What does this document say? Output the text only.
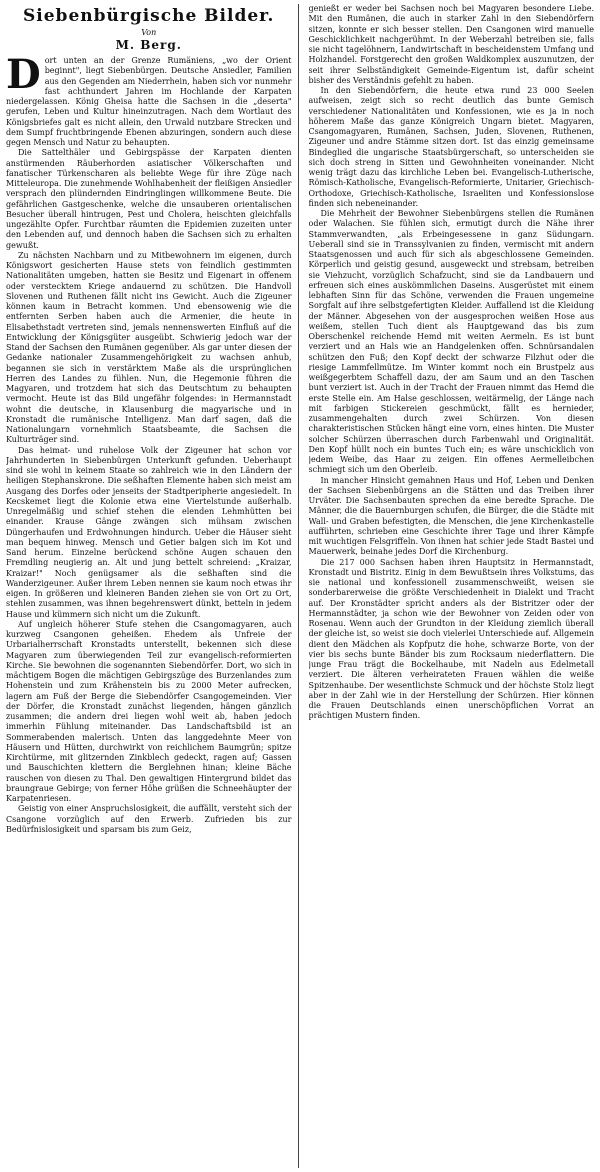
Siebenbürgische Bilder.
Von
M. Berg.

Dort unten an der Grenze Rumäniens, „wo der Orient beginnt", liegt Siebenbürgen. Deutsche Ansiedler, Familien aus den Gegenden am Niederrhein, haben sich vor nunmehr fast achthundert Jahren im Hochlande der Karpaten niedergelassen. König Gheisa hatte die Sachsen in die „deserta" gerufen, Leben und Kultur hineinzutragen. Nach dem Wortlaut des Königsbriefes galt es nicht allein, den Urwald nutzbare Strecken und dem Sumpf fruchtbringende Ebenen abzuringen, sondern auch diese gegen Mensch und Natur zu behaupten.

Die Sattelthäler und Gebirgspässe der Karpaten dienten anstürmenden Räuberhorden asiatischer Völkerschaften und fanatischer Türkenscharen als beliebte Wege für ihre Züge nach Mitteleuropa. Die zunehmende Wohlhabenheit der fleißigen Ansiedler versprach den plündernden Eindringlingen willkommene Beute. Die gefährlichen Gastgeschenke, welche die unsauberen orientalischen Besucher überall hintrugen, Pest und Cholera, heischten gleichfalls ungezählte Opfer. Furchtbar räumten die Epidemien zuzeiten unter den Lebenden auf, und dennoch haben die Sachsen sich zu erhalten gewußt.

Zu nächsten Nachbarn und zu Mitbewohnern im eigenen, durch Königswort gesicherten Hause stets von feindlich gestimmten Nationalitäten umgeben, hatten sie Besitz und Eigenart in offenem oder verstecktem Kriege andauernd zu schützen. Die Handvoll Slovenen und Ruthenen fällt nicht ins Gewicht. Auch die Zigeuner können kaum in Betracht kommen. Und ebensowenig wie die entfernten Serben haben auch die Armenier, die heute in Elisabethstadt vertreten sind, jemals nennenswerten Einfluß auf die Entwicklung der Königsgüter ausgeübt. Schwierig jedoch war der Stand der Sachsen den Rumänen gegenüber. Als gar unter diesen der Gedanke nationaler Zusammengehörigkeit zu wachsen anhub, begannen sie sich in verstärktem Maße als die ursprünglichen Herren des Landes zu fühlen. Nun, die Hegemonie führen die Magyaren, und trotzdem hat sich das Deutschtum zu behaupten vermocht. Heute ist das Bild ungefähr folgendes: in Hermannstadt wohnt die deutsche, in Klausenburg die magyarische und in Kronstadt die rumänische Intelligenz. Man darf sagen, daß die Nationalungarn vornehmlich Staatsbeamte, die Sachsen die Kulturträger sind.

Das heimat- und ruhelose Volk der Zigeuner hat schon vor Jahrhunderten in Siebenbürgen Unterkunft gefunden. Ueberhaupt sind sie wohl in keinem Staate so zahlreich wie in den Ländern der heiligen Stephanskrone. Die seßhaften Elemente haben sich meist am Ausgang des Dorfes oder jenseits der Stadtperipherie angesiedelt. In Kecskemet liegt die Kolonie etwa eine Viertelstunde außerhalb. Unregelmäßig und schief stehen die elenden Lehmhütten bei einander. Krause Gänge zwängen sich mühsam zwischen Düngerhaufen und Erdwohnungen hindurch. Ueber die Häuser sieht man bequem hinweg. Mensch und Getier balgen sich im Kot und Sand herum. Einzelne berückend schöne Augen schauen den Fremdling neugierig an. Alt und jung bettelt schreiend: „Kraizar, Kraizar!" Noch genügsamer als die seßhaften sind die Wanderzigeuner. Außer ihrem Leben nennen sie kaum noch etwas ihr eigen. In größeren und kleineren Banden ziehen sie von Ort zu Ort, stehlen zusammen, was ihnen begehrenswert dünkt, betteln in jedem Hause und kümmern sich nicht um die Zukunft.

Auf ungleich höherer Stufe stehen die Csangomagyaren, auch kurzweg Csangonen geheißen. Ehedem als Unfreie der Urbarialherrschaft Kronstadts unterstellt, bekennen sich diese Magyaren zum überwiegenden Teil zur evangelisch-reformierten Kirche. Sie bewohnen die sogenannten Siebendörfer. Dort, wo sich in mächtigem Bogen die mächtigen Gebirgszüge des Burzenlandes zum Hohenstein und zum Krähenstein bis zu 2000 Meter aufrecken, lagern am Fuß der Berge die Siebendörfer Csangogemeinden. Vier der Dörfer, die Kronstadt zunächst liegenden, hängen gänzlich zusammen; die andern drei liegen wohl weit ab, haben jedoch immerhin Fühlung miteinander. Das Landschaftsbild ist an Sommerabenden malerisch. Unten das langgedehnte Meer von Häusern und Hütten, durchwirkt von reichlichem Baumgrün; spitze Kirchtürme, mit glitzernden Zinkblech gedeckt, ragen auf; Gassen und Bauschichten klettern die Berglehnen hinan; kleine Bäche rauschen von diesen zu Thal. Den gewaltigen Hintergrund bildet das braungraue Gebirge; von ferner Höhe grüßen die Schneehäupter der Karpatenriesen.

Geistig von einer Anspruchslosigkeit, die auffällt, versteht sich der Csangone vorzüglich auf den Erwerb. Zufrieden bis zur Bedürfnislosigkeit und sparsam bis zum Geiz,

genießt er weder bei Sachsen noch bei Magyaren besondere Liebe. Mit den Rumänen, die auch in starker Zahl in den Siebendörfern sitzen, konnte er sich besser stellen. Den Csangonen wird manuelle Geschicklichkeit nachgerühmt. In der Weberzahl betreiben sie, falls sie nicht tagelöhnern, Landwirtschaft in bescheidenstem Umfang und Holzhandel. Forstgerecht den großen Waldkomplex auszunutzen, der seit ihrer Selbständigkeit Gemeinde-Eigentum ist, dafür scheint bisher des Verständnis gefehlt zu haben.

In den Siebendörfern, die heute etwa rund 23 000 Seelen aufweisen, zeigt sich so recht deutlich das bunte Gemisch verschiedener Nationalitäten und Konfessionen, wie es ja in noch höherem Maße das ganze Königreich Ungarn bietet. Magyaren, Csangomagyaren, Rumänen, Sachsen, Juden, Slovenen, Ruthenen, Zigeuner und andre Stämme sitzen dort. Ist das einzig gemeinsame Bindeglied die ungarische Staatsbürgerschaft, so unterscheiden sie sich doch streng in Sitten und Gewohnheiten voneinander. Nicht wenig trägt dazu das kirchliche Leben bei. Evangelisch-Lutherische, Römisch-Katholische, Evangelisch-Reformierte, Unitarier, Griechisch-Orthodoxe, Griechisch-Katholische, Israeliten und Konfessionslose finden sich nebeneinander.

Die Mehrheit der Bewohner Siebenbürgens stellen die Rumänen oder Walachen. Sie fühlen sich, ermutigt durch die Nähe ihrer Stammverwandten, „als Erbeingesessene in ganz Südungarn. Ueberall sind sie in Transsylvanien zu finden, vermischt mit andern Staatsgenossen und auch für sich als abgeschlossene Gemeinden. Körperlich und geistig gesund, ausgeweckt und strebsam, betreiben sie Viehzucht, vorzüglich Schafzucht, sind sie da Landbauern und erfreuen sich eines auskömmlichen Daseins. Ausgerüstet mit einem lebhaften Sinn für das Schöne, verwenden die Frauen ungemeine Sorgfalt auf ihre selbstgefertigten Kleider. Auffallend ist die Kleidung der Männer. Abgesehen von der ausgesprochen weißen Hose aus weißem, stellen Tuch dient als Hauptgewand das bis zum Oberschenkel reichende Hemd mit weiten Aermeln. Es ist bunt verziert und an Hals wie an Handgelenken offen. Schnürsandalen schützen den Fuß; den Kopf deckt der schwarze Filzhut oder die riesige Lammfellmütze. Im Winter kommt noch ein Brustpelz aus weißgegerbtem Schaffell dazu, der am Saum und an den Taschen bunt verziert ist. Auch in der Tracht der Frauen nimmt das Hemd die erste Stelle ein. Am Halse geschlossen, weitärmelig, der Länge nach mit farbigen Stickereien geschmückt, fällt es hernieder, zusammengehalten durch zwei Schürzen. Von diesen charakteristischen Stücken hängt eine vorn, eines hinten. Die Muster solcher Schürzen überraschen durch Farbenwahl und Originalität. Den Kopf hüllt noch ein buntes Tuch ein; es wäre unschicklich von jedem Weibe, das Haar zu zeigen. Ein offenes Aermelleibchen schmiegt sich um den Oberleib.

In mancher Hinsicht gemahnen Haus und Hof, Leben und Denken der Sachsen Siebenbürgens an die Stätten und das Treiben ihrer Urväter. Die Sachsenbauten sprechen da eine beredte Sprache. Die Männer, die die Bauernburgen schufen, die Bürger, die die Städte mit Wall- und Graben befestigten, die Menschen, die jene Kirchenkastelle aufführten, schrieben eine Geschichte ihrer Tage und ihrer Kämpfe mit wuchtigen Felsgriffeln. Von ihnen hat schier jede Stadt Bastei und Mauerwerk, beinahe jedes Dorf die Kirchenburg.

Die 217 000 Sachsen haben ihren Hauptsitz in Hermannstadt, Kronstadt und Bistritz. Einig in dem Bewußtsein ihres Volkstums, das sie national und konfessionell zusammenschweißt, weisen sie sonderbarerweise die größte Verschiedenheit in Dialekt und Tracht auf. Der Kronstädter spricht anders als der Bistritzer oder der Hermannstädter, ja schon wie der Bewohner von Zeiden oder von Rosenau. Wenn auch der Grundton in der Kleidung ziemlich überall der gleiche ist, so weist sie doch vielerlei Unterschiede auf. Allgemein dient den Mädchen als Kopfputz die hohe, schwarze Borte, von der vier bis sechs bunte Bänder bis zum Rocksaum niederflattern. Die junge Frau trägt die Bockelhaube, mit Nadeln aus Edelmetall verziert. Die älteren verheirateten Frauen wählen die weiße Spitzenhaube. Der wesentlichste Schmuck und der höchste Stolz liegt aber in der Zahl wie in der Herstellung der Schürzen. Hier können die Frauen Deutschlands einen unerschöpflichen Vorrat an prächtigen Mustern finden.
